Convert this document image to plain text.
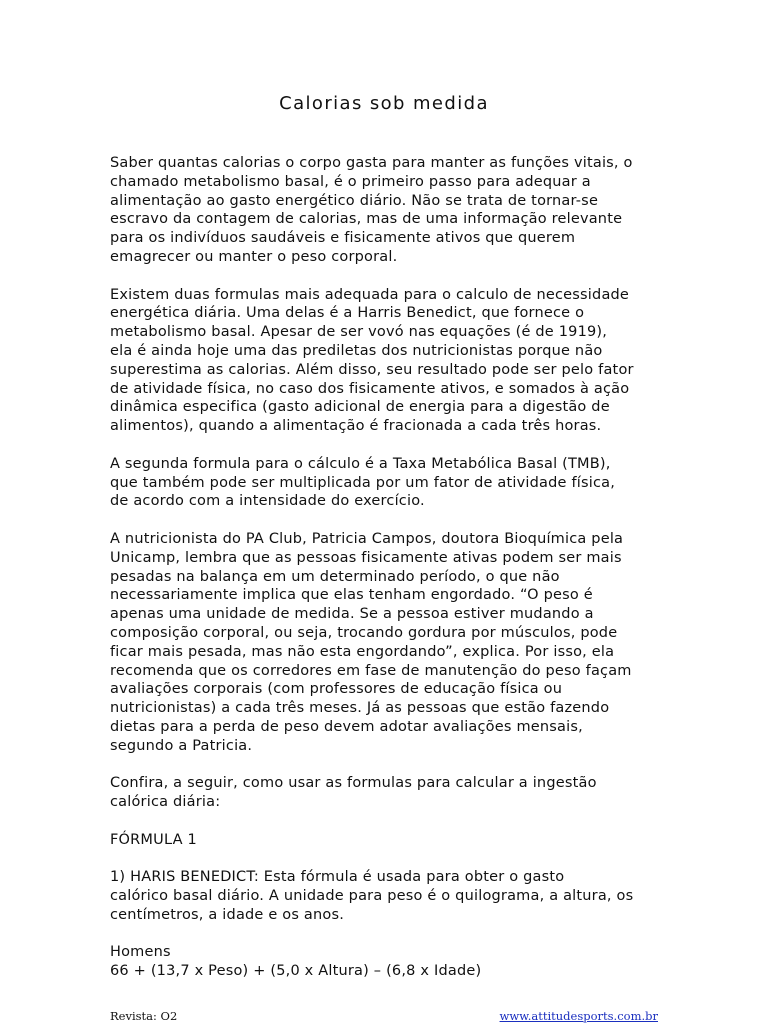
Calorias sob medida

Saber quantas calorias o corpo gasta para manter as funções vitais, o
chamado metabolismo basal, é o primeiro passo para adequar a
alimentação ao gasto energético diário. Não se trata de tornar-se
escravo da contagem de calorias, mas de uma informação relevante
para os indivíduos saudáveis e fisicamente ativos que querem
emagrecer ou manter o peso corporal.

Existem duas formulas mais adequada para o calculo de necessidade
energética diária. Uma delas é a Harris Benedict, que fornece o
metabolismo basal. Apesar de ser vovó nas equações (é de 1919),
ela é ainda hoje uma das prediletas dos nutricionistas porque não
superestima as calorias. Além disso, seu resultado pode ser pelo fator
de atividade física, no caso dos fisicamente ativos, e somados à ação
dinâmica especifica (gasto adicional de energia para a digestão de
alimentos), quando a alimentação é fracionada a cada três horas.

A segunda formula para o cálculo é a Taxa Metabólica Basal (TMB),
que também pode ser multiplicada por um fator de atividade física,
de acordo com a intensidade do exercício.

A nutricionista do PA Club, Patricia Campos, doutora Bioquímica pela
Unicamp, lembra que as pessoas fisicamente ativas podem ser mais
pesadas na balança em um determinado período, o que não
necessariamente implica que elas tenham engordado. “O peso é
apenas uma unidade de medida. Se a pessoa estiver mudando a
composição corporal, ou seja, trocando gordura por músculos, pode
ficar mais pesada, mas não esta engordando”, explica. Por isso, ela
recomenda que os corredores em fase de manutenção do peso façam
avaliações corporais (com professores de educação física ou
nutricionistas) a cada três meses. Já as pessoas que estão fazendo
dietas para a perda de peso devem adotar avaliações mensais,
segundo a Patricia.

Confira, a seguir, como usar as formulas para calcular a ingestão
calórica diária:

FÓRMULA 1

1) HARIS BENEDICT: Esta fórmula é usada para obter o gasto
calórico basal diário. A unidade para peso é o quilograma, a altura, os
centímetros, a idade e os anos.

Homens
66 + (13,7 x Peso) + (5,0 x Altura) – (6,8 x Idade)

Revista: O2	www.attitudesports.com.br
